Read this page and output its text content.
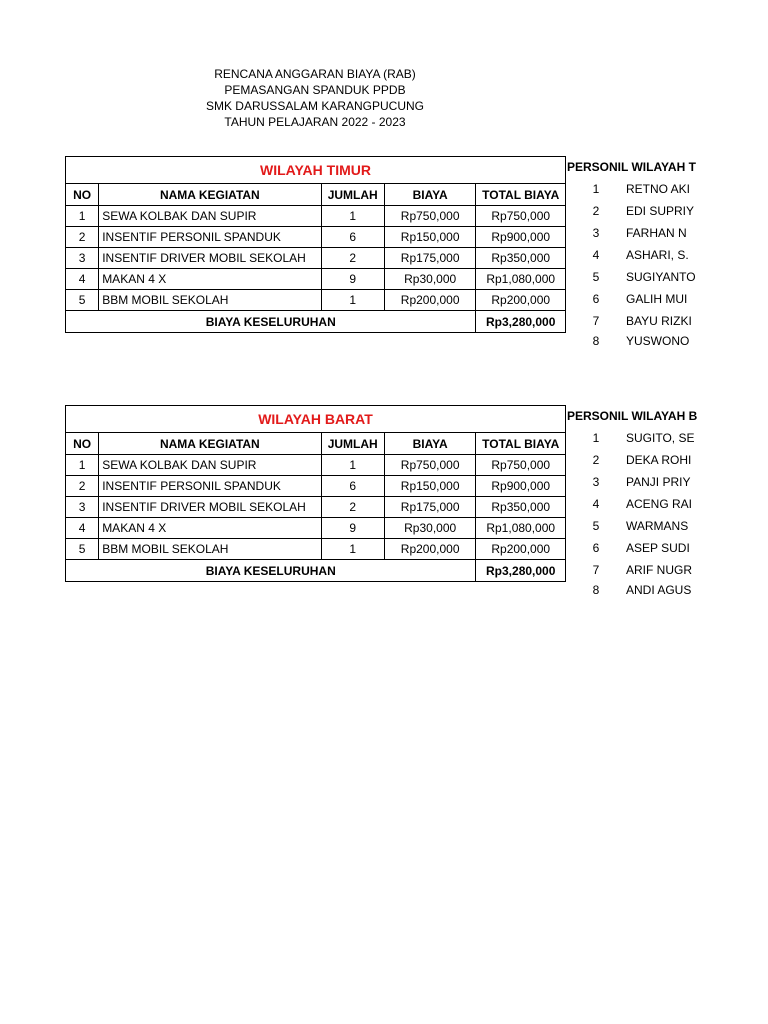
RENCANA ANGGARAN BIAYA (RAB)
PEMASANGAN SPANDUK PPDB
SMK DARUSSALAM KARANGPUCUNG
TAHUN PELAJARAN 2022 - 2023
WILAYAH TIMUR				
NO	NAMA KEGIATAN	JUMLAH	BIAYA	TOTAL BIAYA
1	SEWA KOLBAK DAN SUPIR	1	Rp750,000	Rp750,000
2	INSENTIF PERSONIL SPANDUK	6	Rp150,000	Rp900,000
3	INSENTIF DRIVER MOBIL SEKOLAH	2	Rp175,000	Rp350,000
4	MAKAN 4 X	9	Rp30,000	Rp1,080,000
5	BBM MOBIL SEKOLAH	1	Rp200,000	Rp200,000
BIAYA KESELURUHAN				Rp3,280,000
PERSONIL WILAYAH T
1	RETNO AKI
2	EDI SUPRIY
3	FARHAN N
4	ASHARI, S.
5	SUGIYANTO
6	GALIH MUI
7	BAYU RIZKI
8	YUSWONO
WILAYAH BARAT				
NO	NAMA KEGIATAN	JUMLAH	BIAYA	TOTAL BIAYA
1	SEWA KOLBAK DAN SUPIR	1	Rp750,000	Rp750,000
2	INSENTIF PERSONIL SPANDUK	6	Rp150,000	Rp900,000
3	INSENTIF DRIVER MOBIL SEKOLAH	2	Rp175,000	Rp350,000
4	MAKAN 4 X	9	Rp30,000	Rp1,080,000
5	BBM MOBIL SEKOLAH	1	Rp200,000	Rp200,000
BIAYA KESELURUHAN				Rp3,280,000
PERSONIL WILAYAH B
1	SUGITO, SE
2	DEKA ROHI
3	PANJI PRIY
4	ACENG RAI
5	WARMANS
6	ASEP SUDI
7	ARIF NUGR
8	ANDI AGUS
